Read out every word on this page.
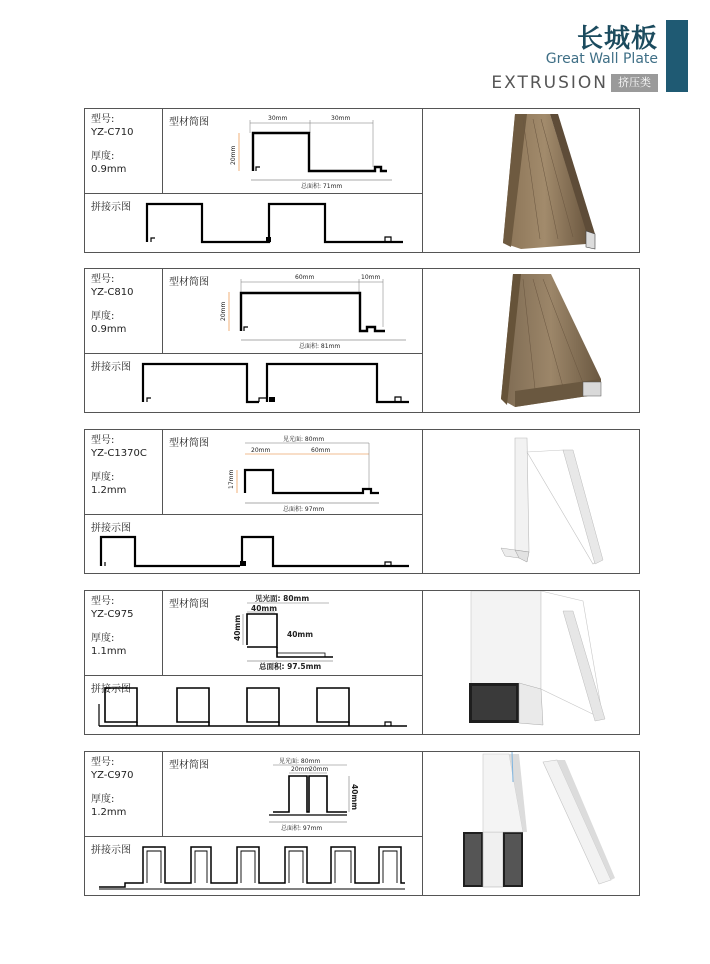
长城板
Great Wall Plate
EXTRUSION 挤压类
型号:
YZ-C710
厚度:
0.9mm
型材简图	30mm	30mm
20mm
总面积: 71mm
拼接示图
型号:
YZ-C810
厚度:
0.9mm
型材简图	60mm	10mm
20mm
总面积: 81mm
拼接示图
型号:
YZ-C1370C
厚度:
1.2mm
型材简图	见光面: 80mm
20mm	60mm
17mm
总面积: 97mm
拼接示图
型号:
YZ-C975
厚度:
1.1mm
型材简图
见光面: 80mm
40mm
40mm	40mm
总面积: 97.5mm
拼接示图
型号:
YZ-C970
厚度:
1.2mm
型材简图	见光面: 80mm
20mm
20mm
40mm
总面积: 97mm
拼接示图
